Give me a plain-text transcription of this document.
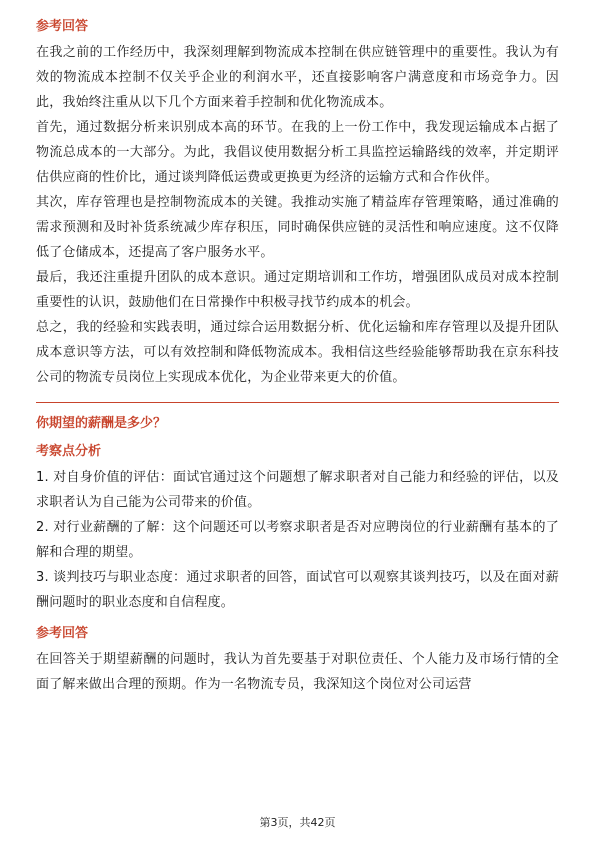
参考回答

在我之前的工作经历中，我深刻理解到物流成本控制在供应链管理中的重要性。我认为有效的物流成本控制不仅关乎企业的利润水平，还直接影响客户满意度和市场竞争力。因此，我始终注重从以下几个方面来着手控制和优化物流成本。

首先，通过数据分析来识别成本高的环节。在我的上一份工作中，我发现运输成本占据了物流总成本的一大部分。为此，我倡议使用数据分析工具监控运输路线的效率，并定期评估供应商的性价比，通过谈判降低运费或更换更为经济的运输方式和合作伙伴。

其次，库存管理也是控制物流成本的关键。我推动实施了精益库存管理策略，通过准确的需求预测和及时补货系统减少库存积压，同时确保供应链的灵活性和响应速度。这不仅降低了仓储成本，还提高了客户服务水平。

最后，我还注重提升团队的成本意识。通过定期培训和工作坊，增强团队成员对成本控制重要性的认识，鼓励他们在日常操作中积极寻找节约成本的机会。

总之，我的经验和实践表明，通过综合运用数据分析、优化运输和库存管理以及提升团队成本意识等方法，可以有效控制和降低物流成本。我相信这些经验能够帮助我在京东科技公司的物流专员岗位上实现成本优化，为企业带来更大的价值。

你期望的薪酬是多少？
考察点分析

1. 对自身价值的评估：面试官通过这个问题想了解求职者对自己能力和经验的评估，以及求职者认为自己能为公司带来的价值。

2. 对行业薪酬的了解：这个问题还可以考察求职者是否对应聘岗位的行业薪酬有基本的了解和合理的期望。

3. 谈判技巧与职业态度：通过求职者的回答，面试官可以观察其谈判技巧，以及在面对薪酬问题时的职业态度和自信程度。

参考回答

在回答关于期望薪酬的问题时，我认为首先要基于对职位责任、个人能力及市场行情的全面了解来做出合理的预期。作为一名物流专员，我深知这个岗位对公司运营

第3页，共42页
